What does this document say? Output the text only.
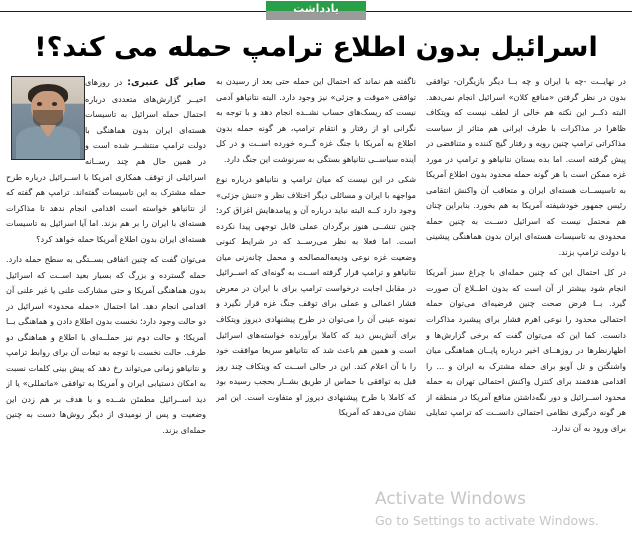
یادداشت
اسرائیل بدون اطلاع ترامپ حمله می کند؟!

صابر گل عنبری: در روزهای اخیــر گزارش‌های متعددی درباره احتمال حمله اسرائیل به تاسیسات هسته‌ای ایران بدون هماهنگی با دولت ترامپ منتشــر شده است و در همین حال هم چند رســانه اسرائیلی از توقف همکاری امریکا با اســرائیل درباره طرح حمله مشترک به این تاسیسات گفته‌اند. ترامپ هم گفته که از نتانیاهو خواسته است اقدامی انجام ندهد تا مذاکرات هسته‌ای با ایران را بر هم بزند. اما آیا اسرائیل به تاسیسات هسته‌ای ایران بدون اطلاع آمریکا حمله خواهد کرد؟

می‌توان گفت که چنین اتفاقی بســتگی به سطح حمله دارد. حمله گسترده و بزرگ که بسیار بعید اســت که اسرائیل بدون هماهنگی آمریکا و حتی مشارکت علنی یا غیر علنی آن اقدامی انجام دهد. اما احتمال «حمله محدود» اسرائیل در دو حالت وجود دارد؛ نخست بدون اطلاع دادن و هماهنگی بــا آمریکا؛ و حالت دوم نیز حملــه‌ای با اطلاع و هماهنگی دو طرف. حالت نخست با توجه به تبعات آن برای روابط ترامپ و نتانیاهو زمانی می‌تواند رخ دهد که پیش بینی کلمات نسبت به امکان دستیابی ایران و آمریکا به توافقی «ماتمللی» یا از دید اســرائیل مطمئن شــده و با هدف بر هم زدن این وضعیت و پس از نومیدی از دیگر روش‌ها دست به چنین حمله‌ای بزند.

ناگفته هم نماند که احتمال این حمله حتی بعد از رسیدن به توافقی «موقت و جزئی» نیز وجود دارد. البته نتانیاهو آدمی نیست که ریسک‌های حساب نشــده انجام دهد و با توجه به نگرانی او از رفتار و انتقام ترامپ، هر گونه حمله بدون اطلاع به آمریکا با جنگ غزه گــره خورده اســت و در کل آینده سیاســی نتانیاهو بستگی به سرنوشت این جنگ دارد.

شکی در این نیست که میان ترامپ و نتانیاهو درباره نوع مواجهه با ایران و مسائلی دیگر اختلاف نظر و «تنش جزئی» وجود دارد کــه البته نباید درباره آن و پیامدهایش اغراق کرد؛ چنین تنشــی هنوز برگردان عملی قابل توجهی پیدا نکرده است. اما فعلا به نظر می‌رســد که در شرایط کنونی وضعیت غزه نوعی ودیعه‌المصالحه و محمل چانه‌زنی میان نتانیاهو و ترامپ قرار گرفته اســت به گونه‌ای که اســرائیل در مقابل اجابت درخواست ترامپ برای با ایران در معرض فشار اعمالی و عملی برای توقف جنگ غزه قرار نگیرد و نمونه عینی آن را می‌توان در طرح پیشنهادی دیروز ویتکاف برای آتش‌بس دید که کاملا برآورنده خواسته‌های اسرائیل است و همین هم باعث شد که نتانیاهو سریعا موافقت خود را با آن اعلام کند. این در حالی اســت که ویتکاف چند روز قبل به توافقی با حماس از طریق بشــار بحجب رسیده بود که کاملا با طرح پیشنهادی دیروز او متفاوت است. این امر نشان می‌دهد که آمریکا

در نهایــت -چه با ایران و چه بــا دیگر بازیگران- توافقی بدون در نظر گرفتن «منافع کلان» اسرائیل انجام نمی‌دهد. البته ذکــر این نکته هم خالی از لطف نیست که ویتکاف ظاهرا در مذاکرات با طرف ایرانی هم متاثر از سیاست مذاکراتی ترامپ چنین رویه و رفتار گیج کننده و متناقضی در پیش گرفته است. اما بده بستان نتانیاهو و ترامپ در مورد غزه ممکن است با هر گونه حمله محدود بدون اطلاع آمریکا به تاسیســات هسته‌ای ایران و متعاقب آن واکنش انتقامی رئیس جمهور خودشیفته آمریکا به هم بخورد. بنابراین چنان هم محتمل نیست که اسرائیل دســت به چنین حمله محدودی به تاسیسات هسته‌ای ایران بدون هماهنگی پیشینی با دولت ترامپ بزند.

در کل احتمال این که چنین حمله‌ای با چراغ سبز آمریکا انجام شود بیشتر از آن است که بدون اطــلاع آن صورت گیرد. بــا فرض صحت چنین فرضیه‌ای می‌توان حمله احتمالی محدود را نوعی اهرم فشار برای پیشبرد مذاکرات دانست. کما این که می‌توان گفت که برخی گزارش‌ها و اظهارنظرها در روزهــای اخیر درباره پایــان هماهنگی میان واشنگتن و تل آویو برای حمله مشترک به ایران و ... را اقدامی هدفمند برای کنترل واکنش احتمالی تهران به حمله محدود اســرائیل و دور نگه‌داشتن منافع آمریکا در منطقه از هر گونه درگیری نظامی احتمالی دانســت که ترامپ تمایلی برای ورود به آن ندارد.

Activate Windows
Go to Settings to activate Windows.
